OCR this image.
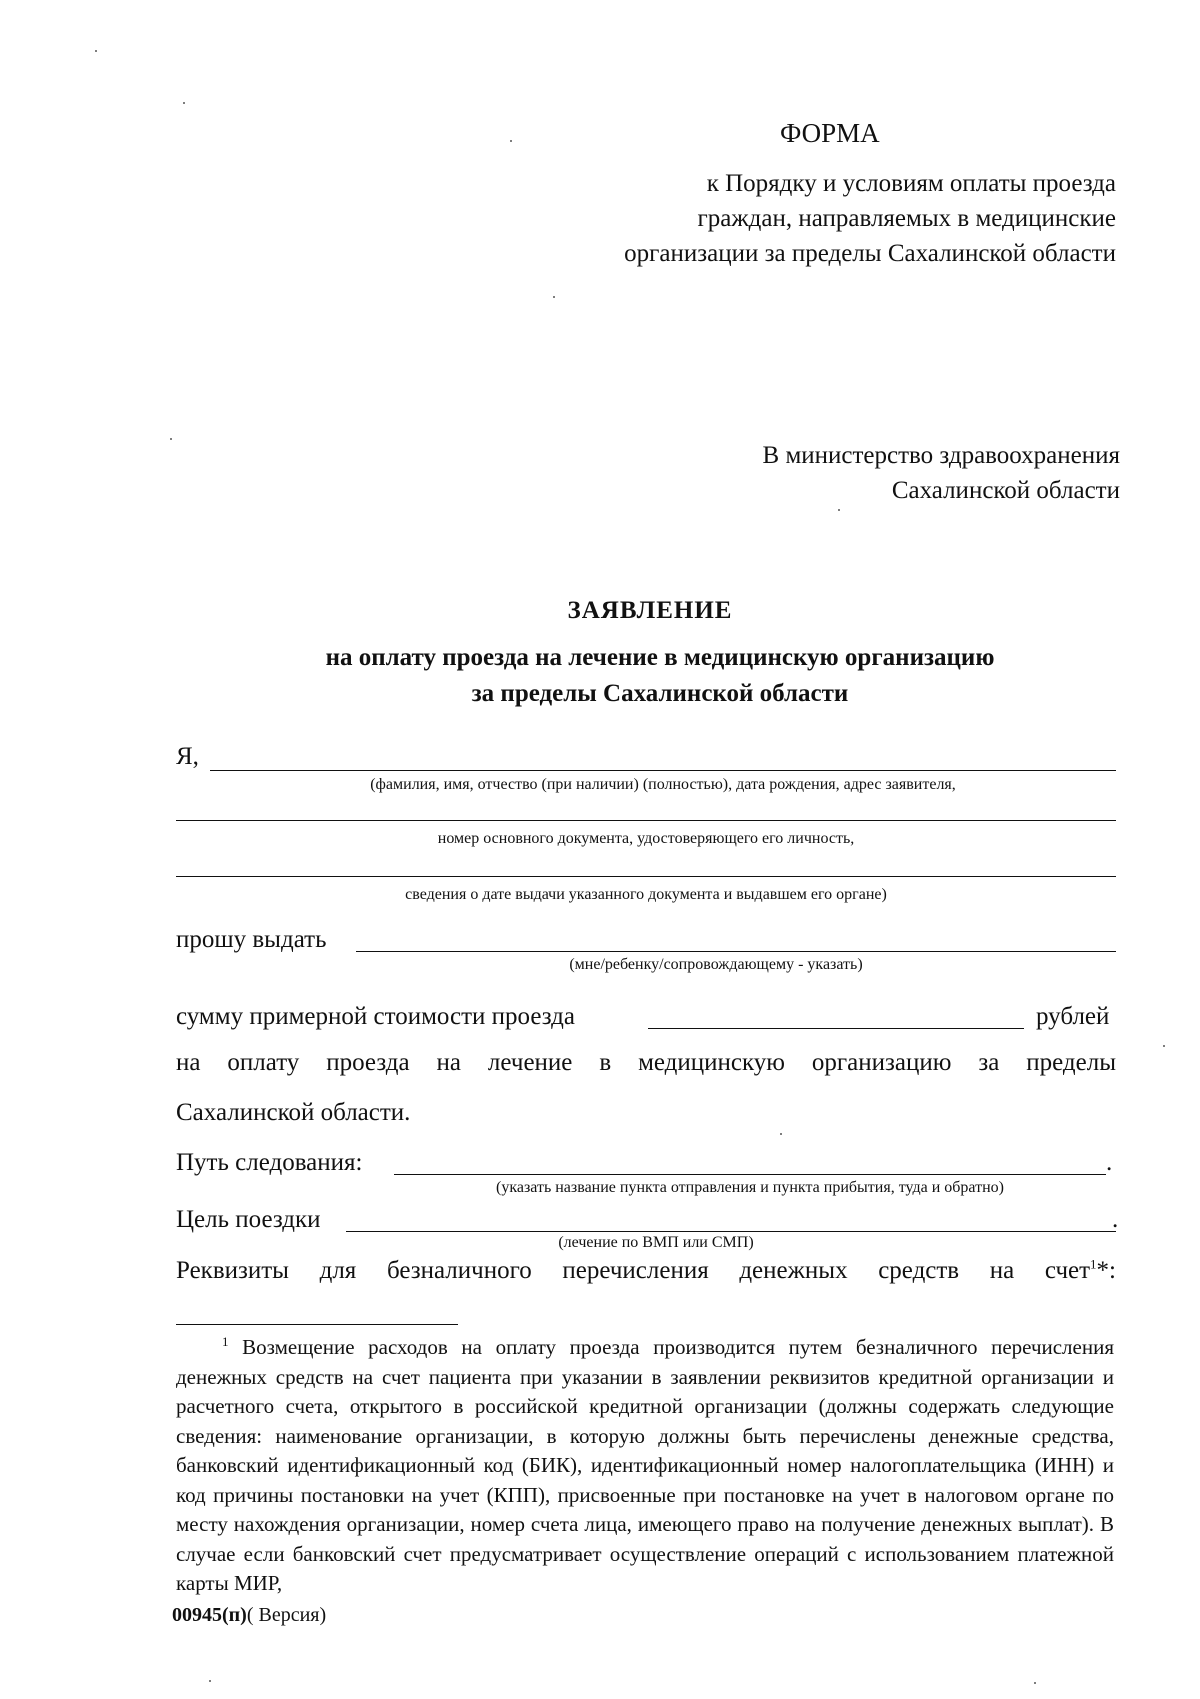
ФОРМА
к Порядку и условиям оплаты проезда
граждан, направляемых в медицинские
организации за пределы Сахалинской области
В министерство здравоохранения
Сахалинской области
ЗАЯВЛЕНИЕ
на оплату проезда на лечение в медицинскую организацию
за пределы Сахалинской области
Я,
(фамилия, имя, отчество (при наличии) (полностью), дата рождения, адрес заявителя,
номер основного документа, удостоверяющего его личность,
сведения о дате выдачи указанного документа и выдавшем его органе)
прошу выдать
(мне/ребенку/сопровождающему - указать)
сумму примерной стоимости проезда	рублей
на оплату проезда на лечение в медицинскую организацию за пределы
Сахалинской области.
Путь следования:	.
(указать название пункта отправления и пункта прибытия, туда и обратно)
Цель поездки	.
(лечение по ВМП или СМП)
Реквизиты для безналичного перечисления денежных средств на счет$^1$*:
$^1$ Возмещение расходов на оплату проезда производится путем безналичного перечисления денежных средств на счет пациента при указании в заявлении реквизитов кредитной организации и расчетного счета, открытого в российской кредитной организации (должны содержать следующие сведения: наименование организации, в которую должны быть перечислены денежные средства, банковский идентификационный код (БИК), идентификационный номер налогоплательщика (ИНН) и код причины постановки на учет (КПП), присвоенные при постановке на учет в налоговом органе по месту нахождения организации, номер счета лица, имеющего право на получение денежных выплат). В случае если банковский счет предусматривает осуществление операций с использованием платежной карты МИР,
00945(п)( Версия)
